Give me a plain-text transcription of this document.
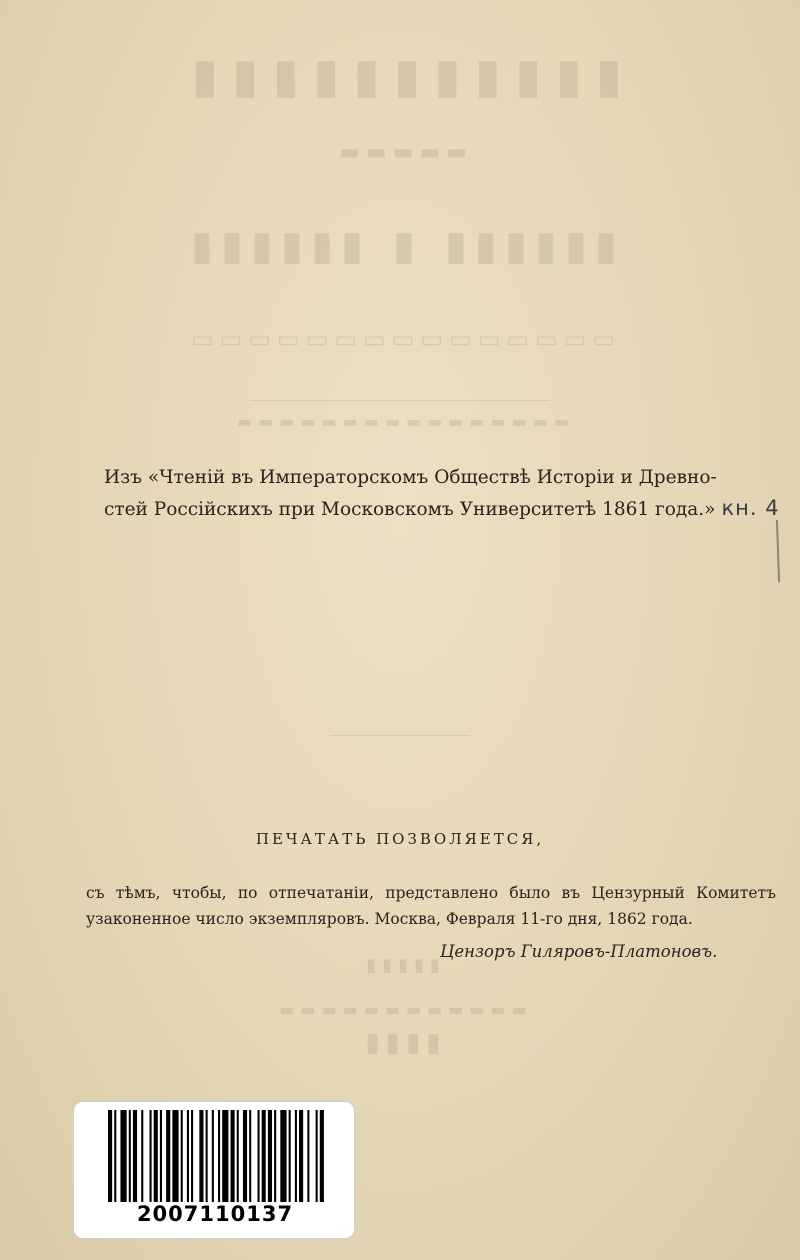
▮▮▮▮▮▮▮▮▮▮▮
▬▬▬▬▬
▮▮▮▮▮▮ ▮ ▮▮▮▮▮▮
▭▭▭▭▭▭▭▭▭▭▭▭▭▭▭
▬▬▬▬▬▬▬▬▬▬▬▬▬▬▬▬
▮▮▮▮▮
▬▬▬▬▬▬▬▬▬▬▬▬
▮▮▮▮
Изъ «Чтеній въ Императорскомъ Обществѣ Исторіи и Древно-
стей Россійскихъ при Московскомъ Университетѣ 1861 года.» кн. 4
ПЕЧАТАТЬ ПОЗВОЛЯЕТСЯ,
съ тѣмъ, чтобы, по отпечатаніи, представлено было въ Цензурный Комитетъ
узаконенное число экземпляровъ. Москва, Февраля 11-го дня, 1862 года.
Цензоръ Гиляровъ-Платоновъ.
2007110137
